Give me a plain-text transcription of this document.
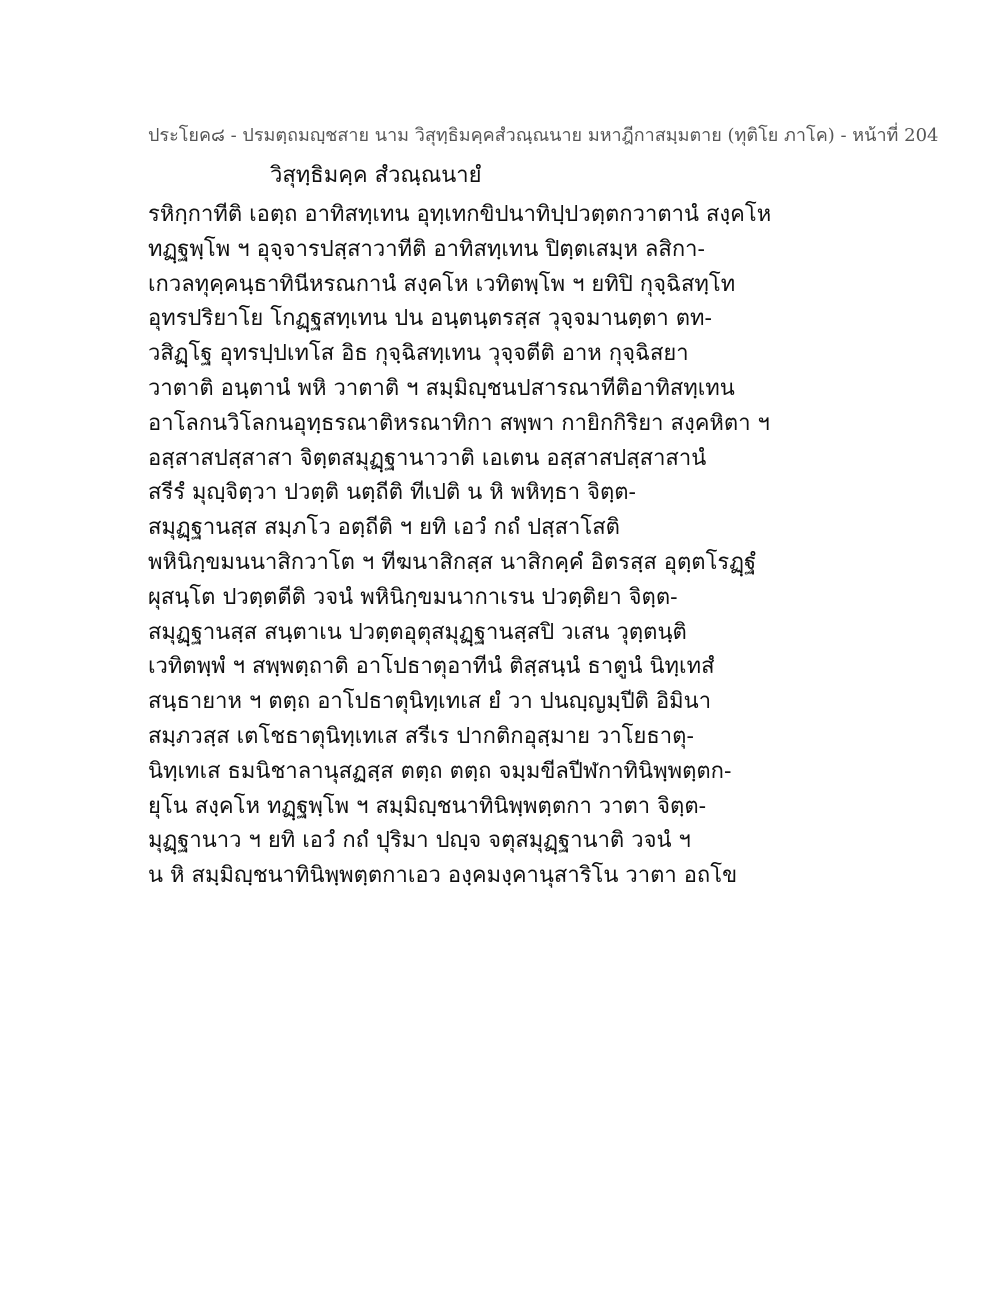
ประโยค๘ - ปรมตฺถมญฺชสาย นาม วิสุทฺธิมคฺคสํวณฺณนาย มหาฎีกาสมฺมตาย (ทุติโย ภาโค) - หน้าที่ 204
วิสุทฺธิมคฺค สํวณฺณนายํ
รหิกฺกาทีติ เอตฺถ อาทิสทฺเทน อุทฺเทกขิปนาทิปฺปวตฺตกวาตานํ สงฺคโห
ทฏฺฐพฺโพ ฯ อุจฺจารปสฺสาวาทีติ อาทิสทฺเทน ปิตฺตเสมฺห ลสิกา-
เกวลทุคฺคนฺธาทินีหรณกานํ สงฺคโห เวทิตพฺโพ ฯ ยทิปิ กุจฺฉิสทฺโท
อุทรปริยาโย โกฏฺฐสทฺเทน ปน อนฺตนฺตรสฺส วุจฺจมานตฺตา ตท-
วสิฏฺโฐ อุทรปฺปเทโส อิธ กุจฺฉิสทฺเทน วุจฺจตีติ อาห กุจฺฉิสยา
วาตาติ อนฺตานํ พหิ วาตาติ ฯ สมฺมิญฺชนปสารณาทีติอาทิสทฺเทน
อาโลกนวิโลกนอุทฺธรณาติหรณาทิกา สพฺพา กายิกกิริยา สงฺคหิตา ฯ
อสฺสาสปสฺสาสา จิตฺตสมุฏฺฐานาวาติ เอเตน อสฺสาสปสฺสาสานํ
สรีรํ มุญฺจิตฺวา ปวตฺติ นตฺถีติ ทีเปติ น หิ พหิทฺธา จิตฺต-
สมุฏฺฐานสฺส สมฺภโว อตฺถีติ ฯ ยทิ เอวํ กถํ ปสฺสาโสติ
พหินิกฺขมนนาสิกวาโต ฯ ทีฆนาสิกสฺส นาสิกคฺคํ อิตรสฺส อุตฺตโรฏฺฐํ
ผุสนฺโต ปวตฺตตีติ วจนํ พหินิกฺขมนากาเรน ปวตฺติยา จิตฺต-
สมุฏฺฐานสฺส สนฺตาเน ปวตฺตอุตุสมุฏฺฐานสฺสปิ วเสน วุตฺตนฺติ
เวทิตพฺพํ ฯ สพฺพตฺถาติ อาโปธาตุอาทีนํ ติสฺสนฺนํ ธาตูนํ นิทฺเทสํ
สนฺธายาห ฯ ตตฺถ อาโปธาตุนิทฺเทเส ยํ วา ปนญฺญมฺปีติ อิมินา
สมฺภวสฺส เตโชธาตุนิทฺเทเส สรีเร ปากติกอุสฺมาย วาโยธาตุ-
นิทฺเทเส ธมนิชาลานุสฏสฺส ตตฺถ ตตฺถ จมฺมขีลปีฬกาทินิพฺพตฺตก-
ยุโน สงฺคโห ทฏฺฐพฺโพ ฯ สมฺมิญฺชนาทินิพฺพตฺตกา วาตา จิตฺต-
มุฏฺฐานาว ฯ ยทิ เอวํ กถํ ปุริมา ปญฺจ จตุสมุฏฺฐานาติ วจนํ ฯ
น หิ สมฺมิญฺชนาทินิพฺพตฺตกาเอว องฺคมงฺคานุสาริโน วาตา อถโข
